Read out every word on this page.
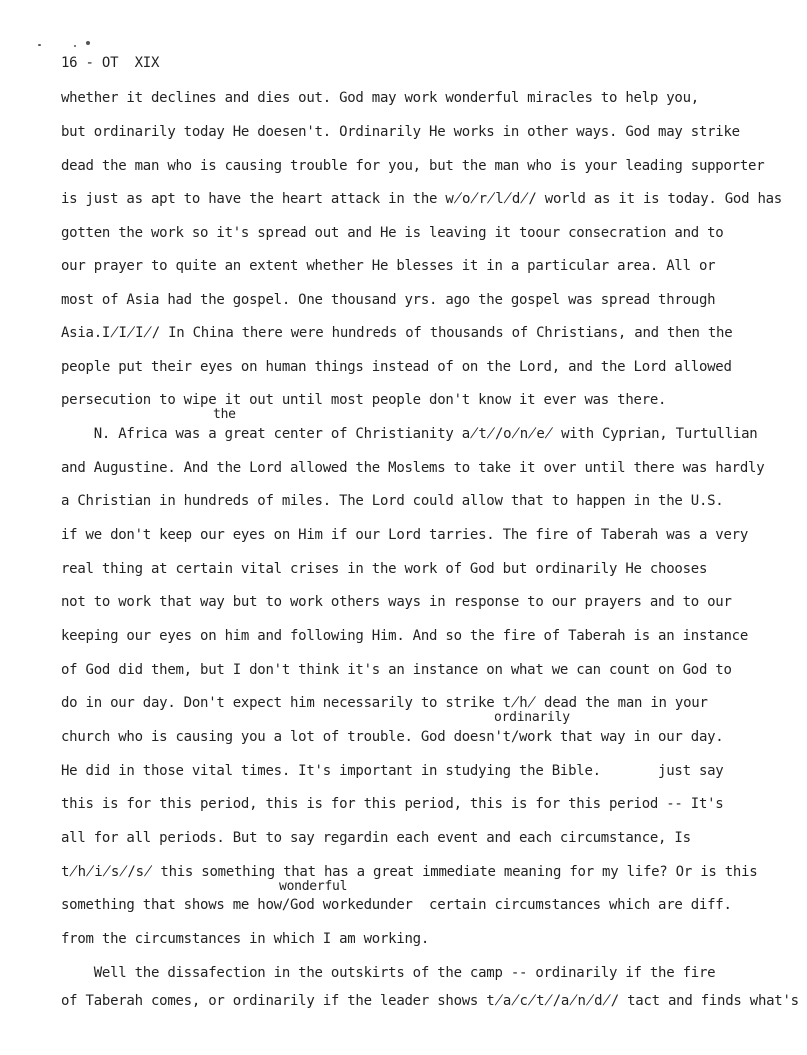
16 - OT  XIX
whether it declines and dies out. God may work wonderful miracles to help you,
but ordinarily today He doesen't. Ordinarily He works in other ways. God may strike
dead the man who is causing trouble for you, but the man who is your leading supporter
is just as apt to have the heart attack in the w̸o̸r̸l̸d̸/ world as it is today. God has
gotten the work so it's spread out and He is leaving it toour consecration and to
our prayer to quite an extent whether He blesses it in a particular area. All or
most of Asia had the gospel. One thousand yrs. ago the gospel was spread through
Asia.I̸I̸I̸/ In China there were hundreds of thousands of Christians, and then the
people put their eyes on human things instead of on the Lord, and the Lord allowed
persecution to wipe it out until most people don't know it ever was there.
the
N. Africa was a great center of Christianity a̸t̸/o̸n̸e̸ with Cyprian, Turtullian
and Augustine. And the Lord allowed the Moslems to take it over until there was hardly
a Christian in hundreds of miles. The Lord could allow that to happen in the U.S.
if we don't keep our eyes on Him if our Lord tarries. The fire of Taberah was a very
real thing at certain vital crises in the work of God but ordinarily He chooses
not to work that way but to work others ways in response to our prayers and to our
keeping our eyes on him and following Him. And so the fire of Taberah is an instance
of God did them, but I don't think it's an instance on what we can count on God to
do in our day. Don't expect him necessarily to strike t̸h̸ dead the man in your
ordinarily
church who is causing you a lot of trouble. God doesn't/work that way in our day.
He did in those vital times. It's important in studying the Bible.       just say
this is for this period, this is for this period, this is for this period -- It's
all for all periods. But to say regardin each event and each circumstance, Is
t̸h̸i̸s̸/s̸ this something that has a great immediate meaning for my life? Or is this
wonderful
something that shows me how/God workedunder  certain circumstances which are diff.
from the circumstances in which I am working.
Well the dissafection in the outskirts of the camp -- ordinarily if the fire
of Taberah comes, or ordinarily if the leader shows t̸a̸c̸t̸/a̸n̸d̸/ tact and finds what's
